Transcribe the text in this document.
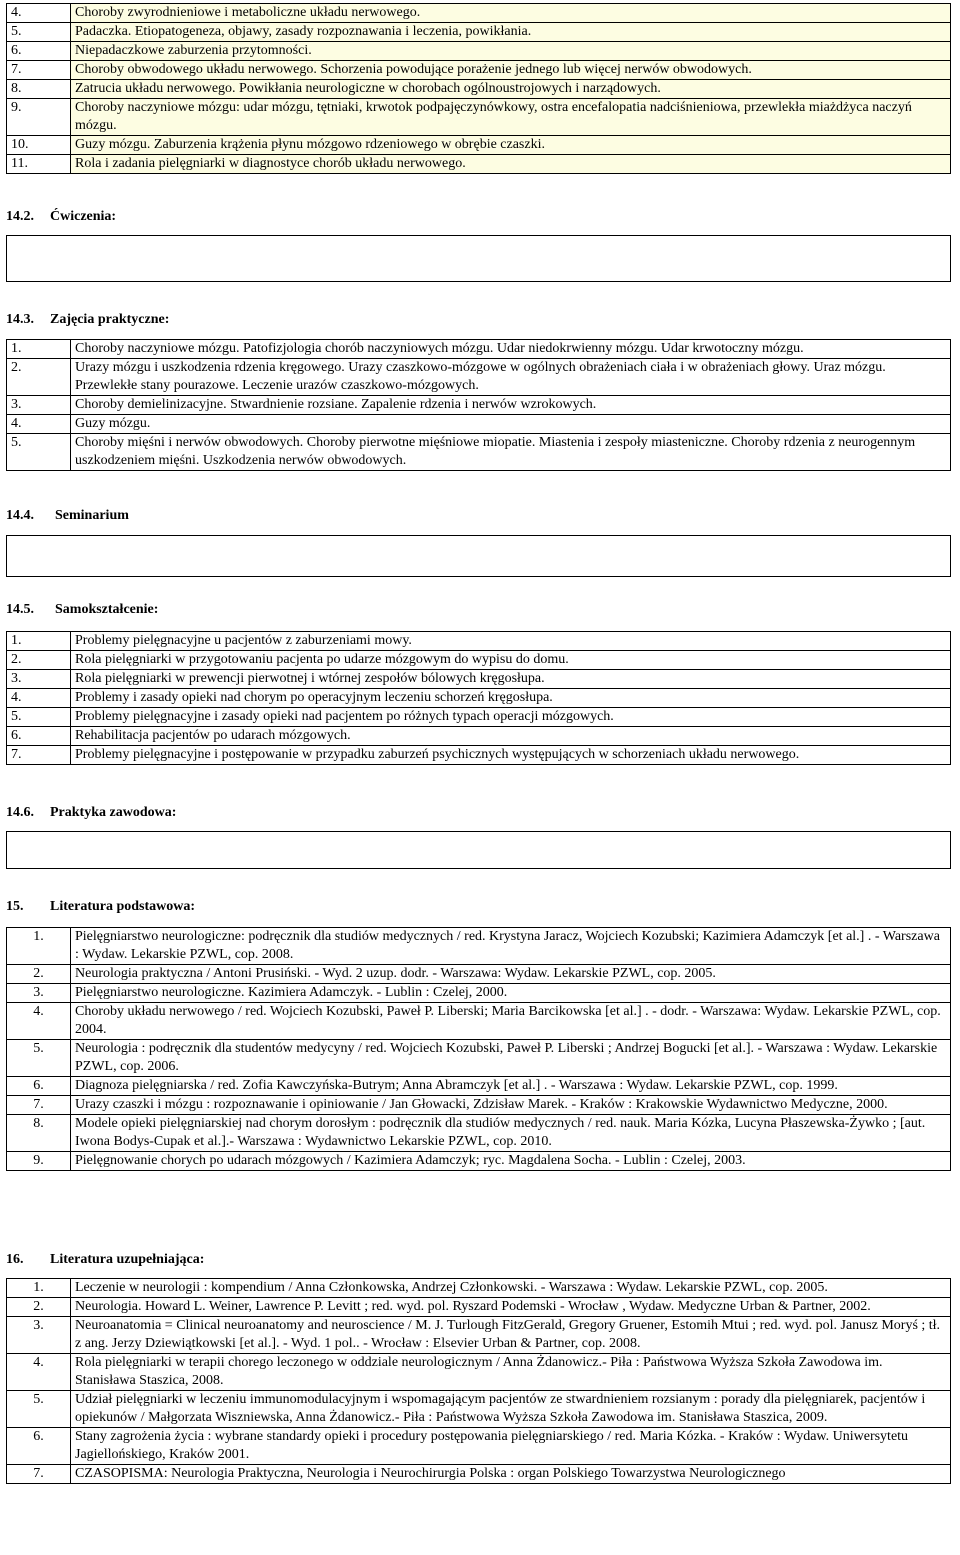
4.	Choroby zwyrodnieniowe i metaboliczne układu nerwowego.
5.	Padaczka. Etiopatogeneza, objawy, zasady rozpoznawania i leczenia, powikłania.
6.	Niepadaczkowe zaburzenia przytomności.
7.	Choroby obwodowego układu nerwowego. Schorzenia powodujące porażenie jednego lub więcej nerwów obwodowych.
8.	Zatrucia układu nerwowego. Powikłania neurologiczne w chorobach ogólnoustrojowych i narządowych.
9.	Choroby naczyniowe mózgu: udar mózgu, tętniaki, krwotok podpajęczynówkowy, ostra encefalopatia nadciśnieniowa, przewlekła miażdżyca naczyń mózgu.
10.	Guzy mózgu. Zaburzenia krążenia płynu mózgowo rdzeniowego w obrębie czaszki.
11.	Rola i zadania pielęgniarki w diagnostyce chorób układu nerwowego.
14.2. Ćwiczenia:
14.3. Zajęcia praktyczne:
1.	Choroby naczyniowe mózgu. Patofizjologia chorób naczyniowych mózgu. Udar niedokrwienny mózgu. Udar krwotoczny mózgu.
2.	Urazy mózgu i uszkodzenia rdzenia kręgowego. Urazy czaszkowo-mózgowe w ogólnych obrażeniach ciała i w obrażeniach głowy. Uraz mózgu. Przewlekłe stany pourazowe. Leczenie urazów czaszkowo-mózgowych.
3.	Choroby demielinizacyjne. Stwardnienie rozsiane. Zapalenie rdzenia i nerwów wzrokowych.
4.	Guzy mózgu.
5.	Choroby mięśni i nerwów obwodowych. Choroby pierwotne mięśniowe miopatie. Miastenia i zespoły miasteniczne. Choroby rdzenia z neurogennym uszkodzeniem mięśni. Uszkodzenia nerwów obwodowych.
14.4. Seminarium
14.5. Samokształcenie:
1.	Problemy pielęgnacyjne u pacjentów z zaburzeniami mowy.
2.	Rola pielęgniarki w przygotowaniu pacjenta po udarze mózgowym do wypisu do domu.
3.	Rola pielęgniarki w prewencji pierwotnej i wtórnej zespołów bólowych kręgosłupa.
4.	Problemy i zasady opieki nad chorym po operacyjnym leczeniu schorzeń kręgosłupa.
5.	Problemy pielęgnacyjne i zasady opieki nad pacjentem po różnych typach operacji mózgowych.
6.	Rehabilitacja pacjentów po udarach mózgowych.
7.	Problemy pielęgnacyjne i postępowanie w przypadku zaburzeń psychicznych występujących w schorzeniach układu nerwowego.
14.6. Praktyka zawodowa:
15. Literatura podstawowa:
1.	Pielęgniarstwo neurologiczne: podręcznik dla studiów medycznych / red. Krystyna Jaracz, Wojciech Kozubski; Kazimiera Adamczyk [et al.] . - Warszawa : Wydaw. Lekarskie PZWL, cop. 2008.
2.	Neurologia praktyczna / Antoni Prusiński. - Wyd. 2 uzup. dodr. - Warszawa: Wydaw. Lekarskie PZWL, cop. 2005.
3.	Pielęgniarstwo neurologiczne. Kazimiera Adamczyk. - Lublin : Czelej, 2000.
4.	Choroby układu nerwowego / red. Wojciech Kozubski, Paweł P. Liberski; Maria Barcikowska [et al.] . - dodr. - Warszawa: Wydaw. Lekarskie PZWL, cop. 2004.
5.	Neurologia : podręcznik dla studentów medycyny / red. Wojciech Kozubski, Paweł P. Liberski ; Andrzej Bogucki [et al.]. - Warszawa : Wydaw. Lekarskie PZWL, cop. 2006.
6.	Diagnoza pielęgniarska / red. Zofia Kawczyńska-Butrym; Anna Abramczyk [et al.] . - Warszawa : Wydaw. Lekarskie PZWL, cop. 1999.
7.	Urazy czaszki i mózgu : rozpoznawanie i opiniowanie / Jan Głowacki, Zdzisław Marek. - Kraków : Krakowskie Wydawnictwo Medyczne, 2000.
8.	Modele opieki pielęgniarskiej nad chorym dorosłym : podręcznik dla studiów medycznych / red. nauk. Maria Kózka, Lucyna Płaszewska-Żywko ; [aut. Iwona Bodys-Cupak et al.].- Warszawa : Wydawnictwo Lekarskie PZWL, cop. 2010.
9.	Pielęgnowanie chorych po udarach mózgowych / Kazimiera Adamczyk; ryc. Magdalena Socha. - Lublin : Czelej, 2003.
16. Literatura uzupełniająca:
1.	Leczenie w neurologii : kompendium / Anna Członkowska, Andrzej Członkowski. - Warszawa : Wydaw. Lekarskie PZWL, cop. 2005.
2.	Neurologia. Howard L. Weiner, Lawrence P. Levitt ; red. wyd. pol. Ryszard Podemski - Wrocław , Wydaw. Medyczne Urban & Partner, 2002.
3.	Neuroanatomia = Clinical neuroanatomy and neuroscience / M. J. Turlough FitzGerald, Gregory Gruener, Estomih Mtui ; red. wyd. pol. Janusz Moryś ; tł. z ang. Jerzy Dziewiątkowski [et al.]. - Wyd. 1 pol.. - Wrocław : Elsevier Urban & Partner, cop. 2008.
4.	Rola pielęgniarki w terapii chorego leczonego w oddziale neurologicznym / Anna Żdanowicz.- Piła : Państwowa Wyższa Szkoła Zawodowa im. Stanisława Staszica, 2008.
5.	Udział pielęgniarki w leczeniu immunomodulacyjnym i wspomagającym pacjentów ze stwardnieniem rozsianym : porady dla pielęgniarek, pacjentów i opiekunów / Małgorzata Wiszniewska, Anna Żdanowicz.- Piła : Państwowa Wyższa Szkoła Zawodowa im. Stanisława Staszica, 2009.
6.	Stany zagrożenia życia : wybrane standardy opieki i procedury postępowania pielęgniarskiego / red. Maria Kózka. - Kraków : Wydaw. Uniwersytetu Jagiellońskiego, Kraków 2001.
7.	CZASOPISMA: Neurologia Praktyczna, Neurologia i Neurochirurgia Polska : organ Polskiego Towarzystwa Neurologicznego
